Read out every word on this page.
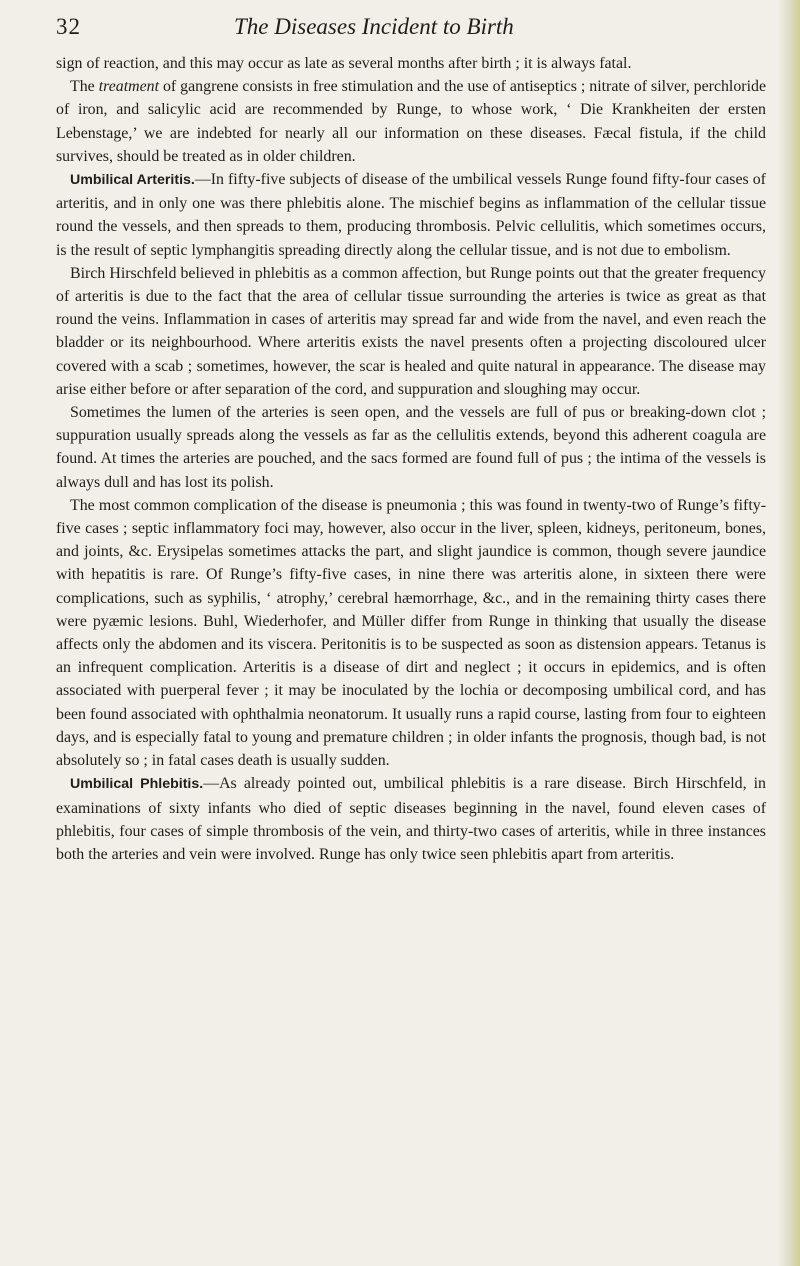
32	The Diseases Incident to Birth

sign of reaction, and this may occur as late as several months after birth ; it is always fatal.

The treatment of gangrene consists in free stimulation and the use of antiseptics ; nitrate of silver, perchloride of iron, and salicylic acid are recommended by Runge, to whose work, ‘ Die Krankheiten der ersten Lebenstage,’ we are indebted for nearly all our information on these diseases. Fæcal fistula, if the child survives, should be treated as in older children.

Umbilical Arteritis.—In fifty-five subjects of disease of the umbilical vessels Runge found fifty-four cases of arteritis, and in only one was there phlebitis alone. The mischief begins as inflammation of the cellular tissue round the vessels, and then spreads to them, producing thrombosis. Pelvic cellulitis, which sometimes occurs, is the result of septic lymphangitis spreading directly along the cellular tissue, and is not due to embolism.

Birch Hirschfeld believed in phlebitis as a common affection, but Runge points out that the greater frequency of arteritis is due to the fact that the area of cellular tissue surrounding the arteries is twice as great as that round the veins. Inflammation in cases of arteritis may spread far and wide from the navel, and even reach the bladder or its neighbourhood. Where arteritis exists the navel presents often a projecting discoloured ulcer covered with a scab ; sometimes, however, the scar is healed and quite natural in appearance. The disease may arise either before or after separation of the cord, and suppuration and sloughing may occur.

Sometimes the lumen of the arteries is seen open, and the vessels are full of pus or breaking-down clot ; suppuration usually spreads along the vessels as far as the cellulitis extends, beyond this adherent coagula are found. At times the arteries are pouched, and the sacs formed are found full of pus ; the intima of the vessels is always dull and has lost its polish.

The most common complication of the disease is pneumonia ; this was found in twenty-two of Runge’s fifty-five cases ; septic inflammatory foci may, however, also occur in the liver, spleen, kidneys, peritoneum, bones, and joints, &c. Erysipelas sometimes attacks the part, and slight jaundice is common, though severe jaundice with hepatitis is rare. Of Runge’s fifty-five cases, in nine there was arteritis alone, in sixteen there were complications, such as syphilis, ‘ atrophy,’ cerebral hæmorrhage, &c., and in the remaining thirty cases there were pyæmic lesions. Buhl, Wiederhofer, and Müller differ from Runge in thinking that usually the disease affects only the abdomen and its viscera. Peritonitis is to be suspected as soon as distension appears. Tetanus is an infrequent complication. Arteritis is a disease of dirt and neglect ; it occurs in epidemics, and is often associated with puerperal fever ; it may be inoculated by the lochia or decomposing umbilical cord, and has been found associated with ophthalmia neonatorum. It usually runs a rapid course, lasting from four to eighteen days, and is especially fatal to young and premature children ; in older infants the prognosis, though bad, is not absolutely so ; in fatal cases death is usually sudden.

Umbilical Phlebitis.—As already pointed out, umbilical phlebitis is a rare disease. Birch Hirschfeld, in examinations of sixty infants who died of septic diseases beginning in the navel, found eleven cases of phlebitis, four cases of simple thrombosis of the vein, and thirty-two cases of arteritis, while in three instances both the arteries and vein were involved. Runge has only twice seen phlebitis apart from arteritis.
